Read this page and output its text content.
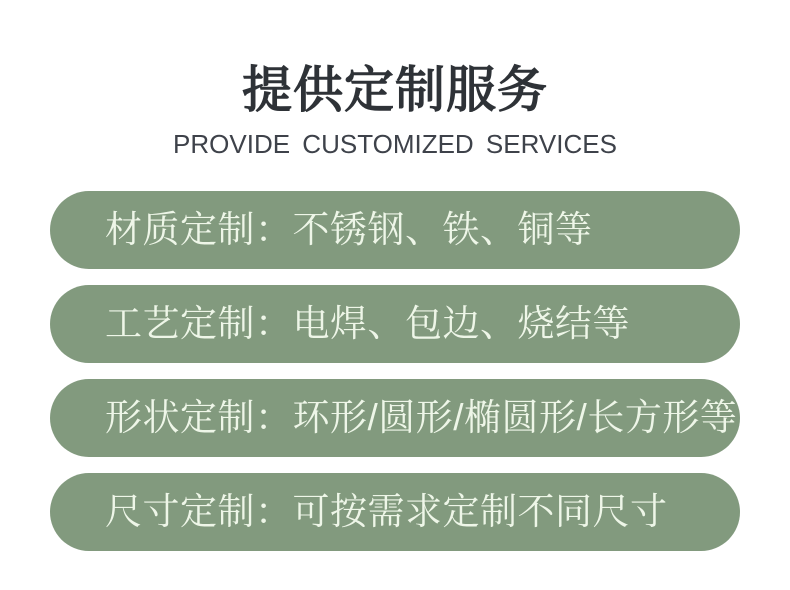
提供定制服务
PROVIDE CUSTOMIZED SERVICES
材质定制：不锈钢、铁、铜等
工艺定制：电焊、包边、烧结等
形状定制：环形/圆形/椭圆形/长方形等
尺寸定制：可按需求定制不同尺寸
